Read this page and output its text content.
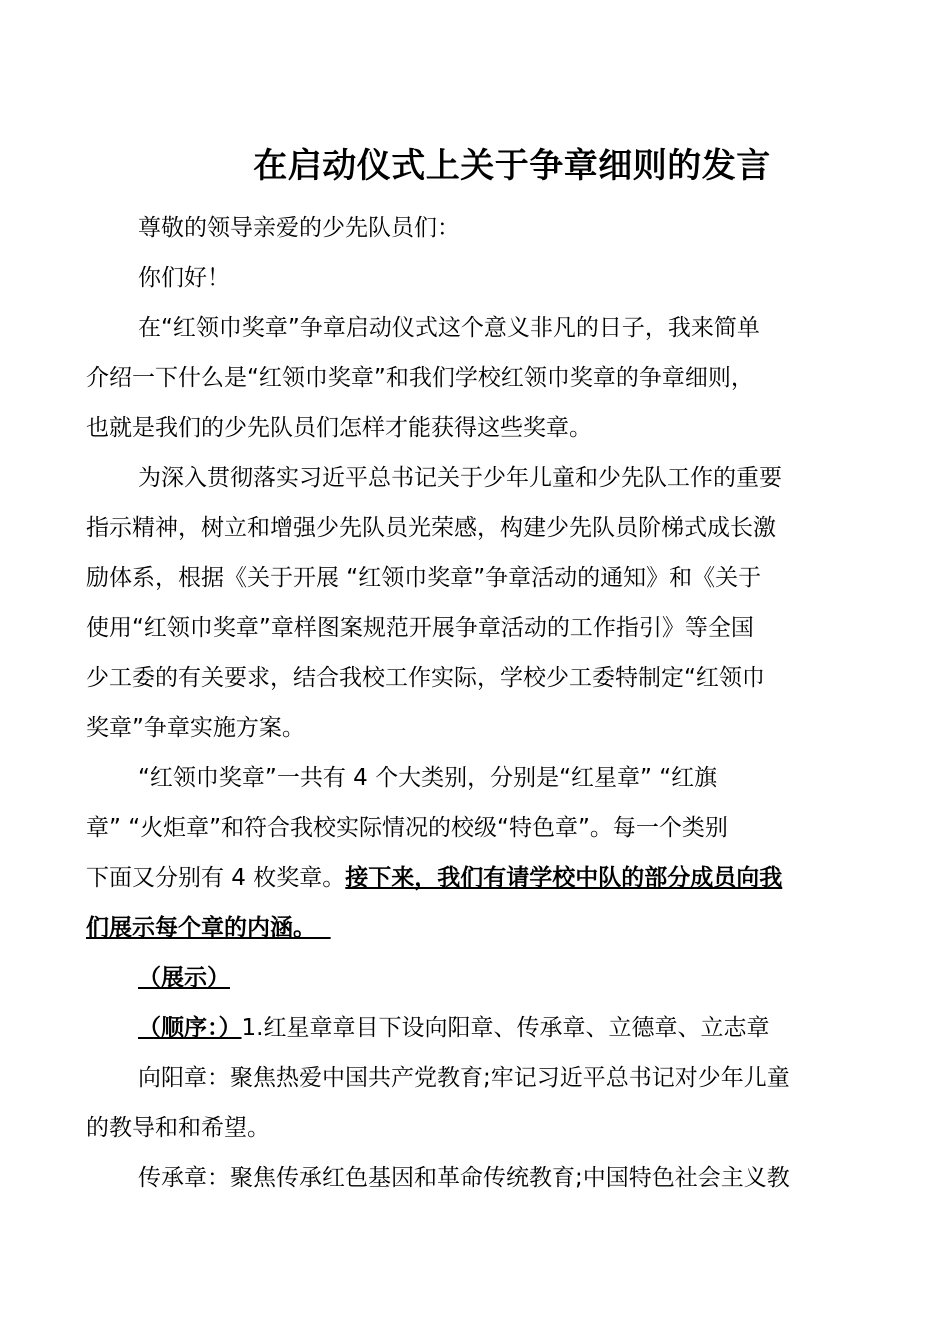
在启动仪式上关于争章细则的发言

尊敬的领导亲爱的少先队员们：

你们好！

在“红领巾奖章”争章启动仪式这个意义非凡的日子，我来简单
介绍一下什么是“红领巾奖章”和我们学校红领巾奖章的争章细则，
也就是我们的少先队员们怎样才能获得这些奖章。

为深入贯彻落实习近平总书记关于少年儿童和少先队工作的重要
指示精神，树立和增强少先队员光荣感，构建少先队员阶梯式成长激
励体系，根据《关于开展 “红领巾奖章”争章活动的通知》和《关于
使用“红领巾奖章”章样图案规范开展争章活动的工作指引》等全国
少工委的有关要求，结合我校工作实际，学校少工委特制定“红领巾
奖章”争章实施方案。

“红领巾奖章”一共有 4 个大类别，分别是“红星章” “红旗
章” “火炬章”和符合我校实际情况的校级“特色章”。每一个类别
下面又分别有 4 枚奖章。接下来，我们有请学校中队的部分成员向我
们展示每个章的内涵。

（展示）

（顺序：）1.红星章章目下设向阳章、传承章、立德章、立志章

向阳章：聚焦热爱中国共产党教育;牢记习近平总书记对少年儿童
的教导和和希望。

传承章：聚焦传承红色基因和革命传统教育;中国特色社会主义教
